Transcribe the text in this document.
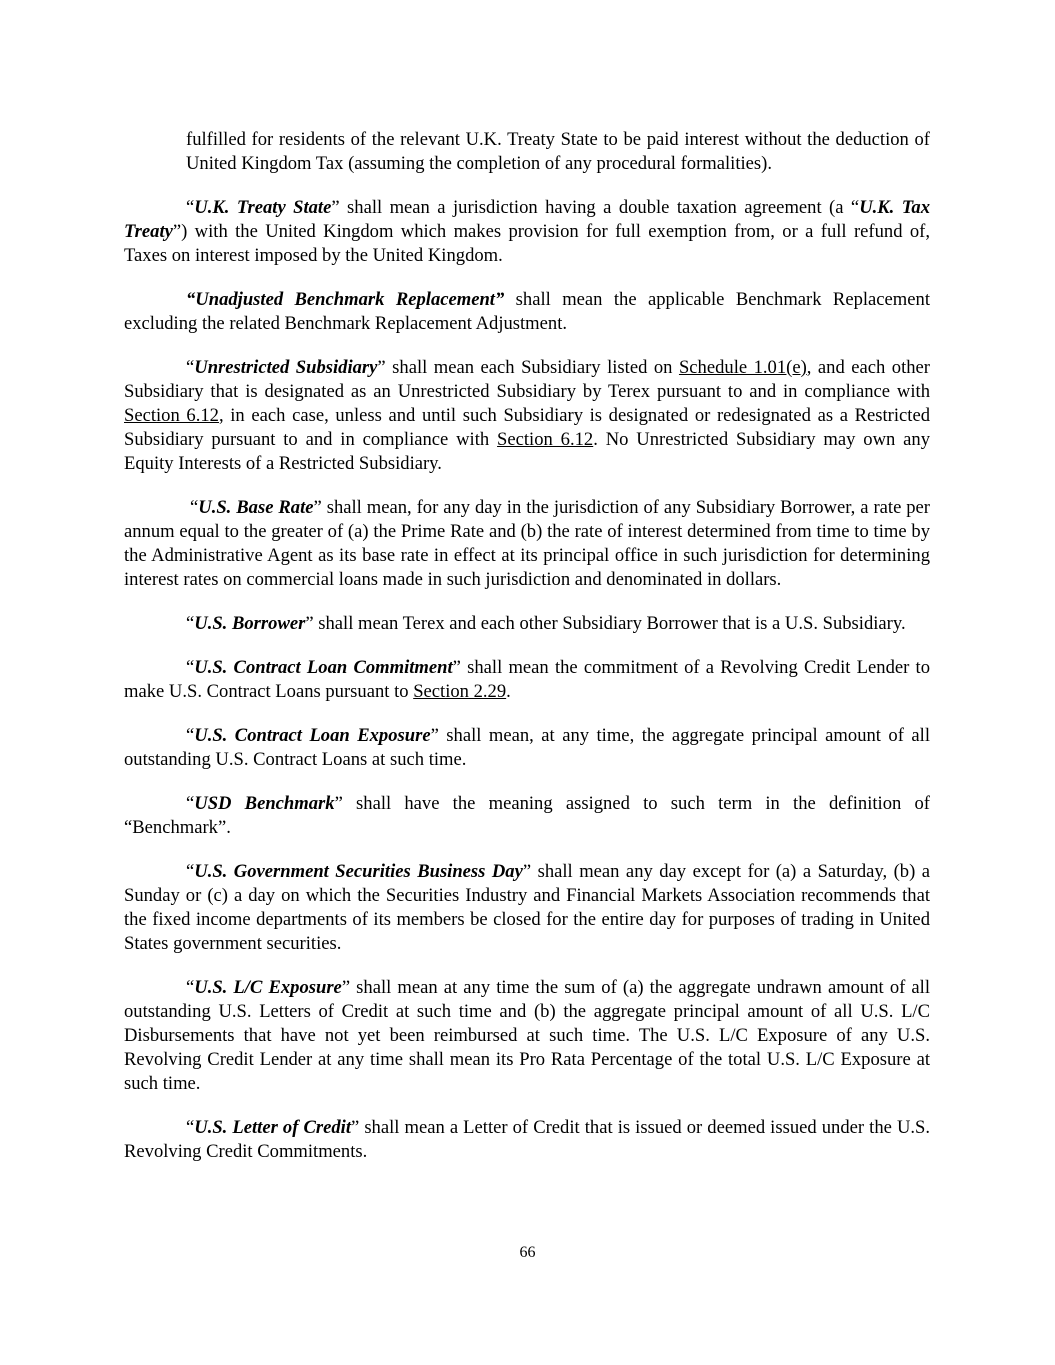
fulfilled for residents of the relevant U.K. Treaty State to be paid interest without the deduction of United Kingdom Tax (assuming the completion of any procedural formalities).

“U.K. Treaty State” shall mean a jurisdiction having a double taxation agreement (a “U.K. Tax Treaty”) with the United Kingdom which makes provision for full exemption from, or a full refund of, Taxes on interest imposed by the United Kingdom.

“Unadjusted Benchmark Replacement” shall mean the applicable Benchmark Replacement excluding the related Benchmark Replacement Adjustment.

“Unrestricted Subsidiary” shall mean each Subsidiary listed on Schedule 1.01(e), and each other Subsidiary that is designated as an Unrestricted Subsidiary by Terex pursuant to and in compliance with Section 6.12, in each case, unless and until such Subsidiary is designated or redesignated as a Restricted Subsidiary pursuant to and in compliance with Section 6.12. No Unrestricted Subsidiary may own any Equity Interests of a Restricted Subsidiary.

“U.S. Base Rate” shall mean, for any day in the jurisdiction of any Subsidiary Borrower, a rate per annum equal to the greater of (a) the Prime Rate and (b) the rate of interest determined from time to time by the Administrative Agent as its base rate in effect at its principal office in such jurisdiction for determining interest rates on commercial loans made in such jurisdiction and denominated in dollars.

“U.S. Borrower” shall mean Terex and each other Subsidiary Borrower that is a U.S. Subsidiary.

“U.S. Contract Loan Commitment” shall mean the commitment of a Revolving Credit Lender to make U.S. Contract Loans pursuant to Section 2.29.

“U.S. Contract Loan Exposure” shall mean, at any time, the aggregate principal amount of all outstanding U.S. Contract Loans at such time.

“USD Benchmark” shall have the meaning assigned to such term in the definition of “Benchmark”.

“U.S. Government Securities Business Day” shall mean any day except for (a) a Saturday, (b) a Sunday or (c) a day on which the Securities Industry and Financial Markets Association recommends that the fixed income departments of its members be closed for the entire day for purposes of trading in United States government securities.

“U.S. L/C Exposure” shall mean at any time the sum of (a) the aggregate undrawn amount of all outstanding U.S. Letters of Credit at such time and (b) the aggregate principal amount of all U.S. L/C Disbursements that have not yet been reimbursed at such time. The U.S. L/C Exposure of any U.S. Revolving Credit Lender at any time shall mean its Pro Rata Percentage of the total U.S. L/C Exposure at such time.

“U.S. Letter of Credit” shall mean a Letter of Credit that is issued or deemed issued under the U.S. Revolving Credit Commitments.

66
